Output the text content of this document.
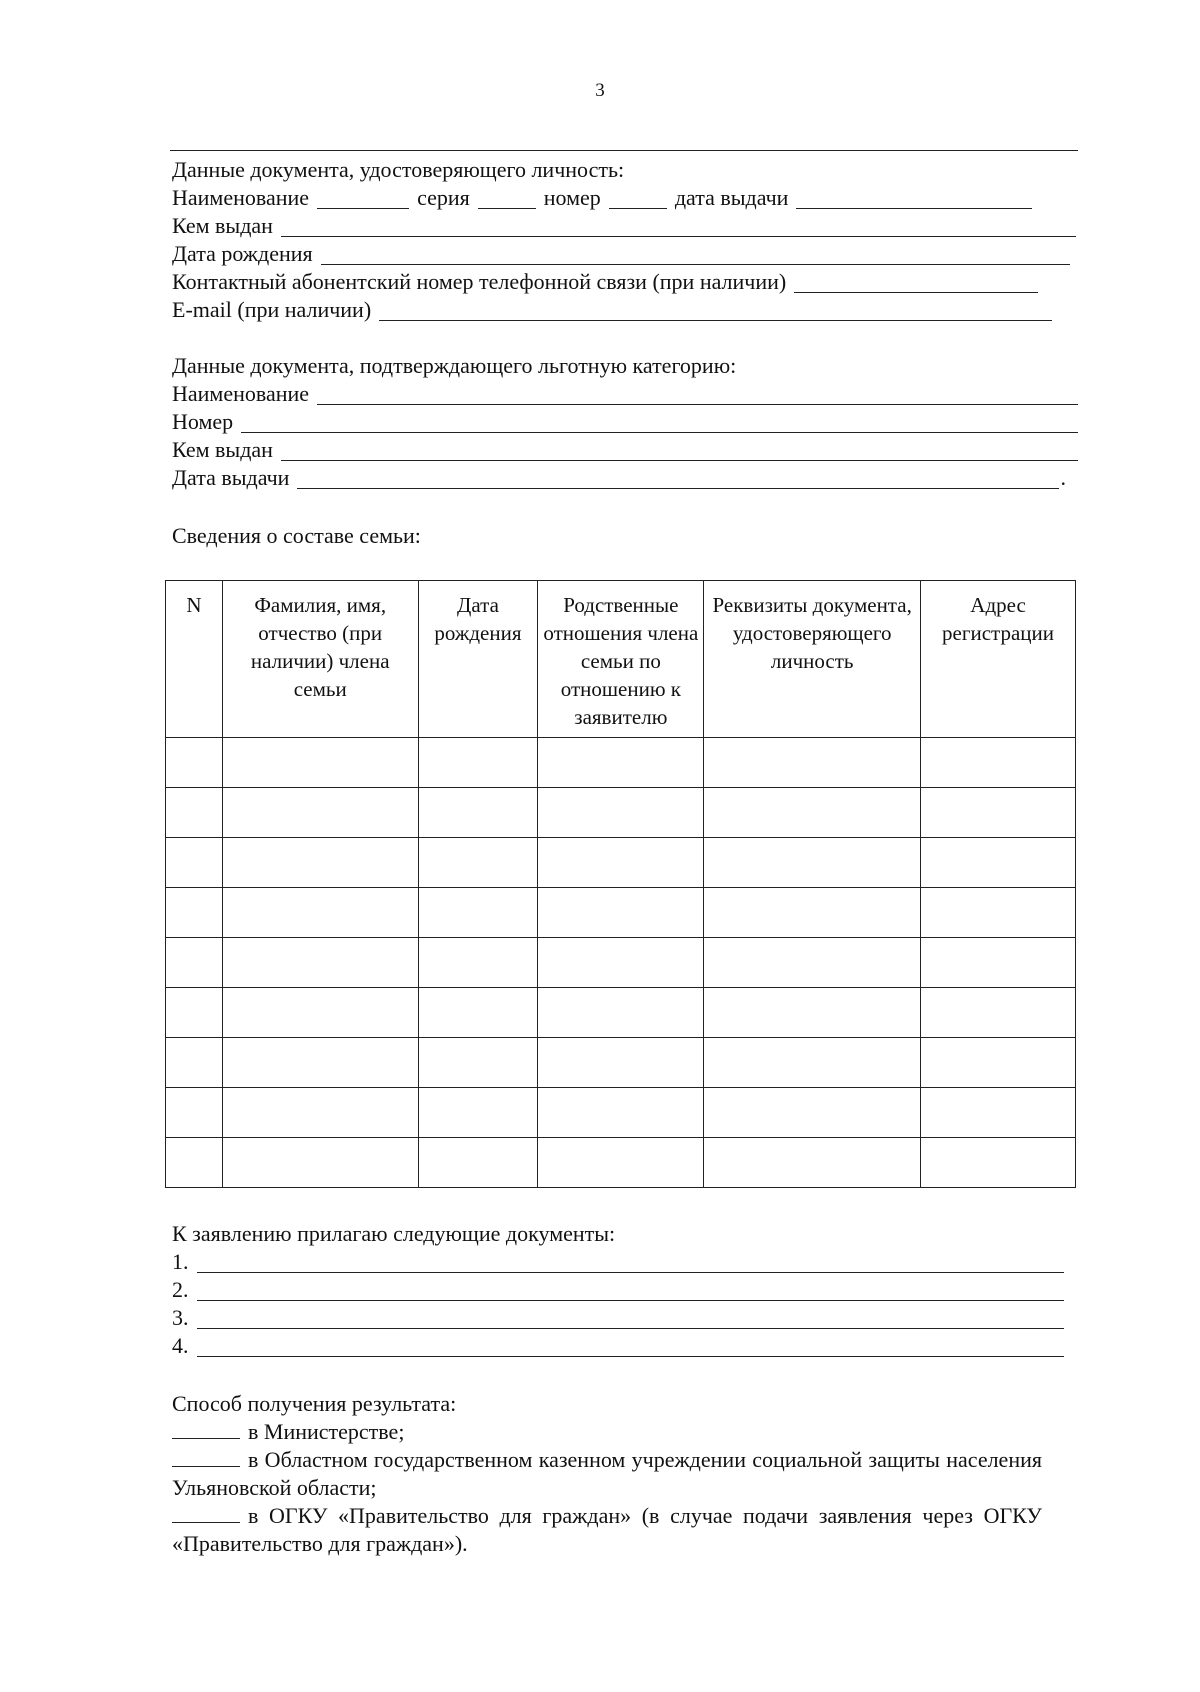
3
Данные документа, удостоверяющего личность:
Наименование	серия	номер	дата выдачи
Кем выдан
Дата рождения
Контактный абонентский номер телефонной связи (при наличии)
E-mail (при наличии)
Данные документа, подтверждающего льготную категорию:
Наименование
Номер
Кем выдан
Дата выдачи	.
Сведения о составе семьи:
N	Фамилия, имя, отчество (при наличии) члена семьи	Дата рождения	Родственные отношения члена семьи по отношению к заявителю	Реквизиты документа, удостоверяющего личность	Адрес регистрации

К заявлению прилагаю следующие документы:
1.
2.
3.
4.
Способ получения результата:
в Министерстве;
в Областном государственном казенном учреждении социальной защиты населения Ульяновской области;
в ОГКУ «Правительство для граждан» (в случае подачи заявления через ОГКУ «Правительство для граждан»).
